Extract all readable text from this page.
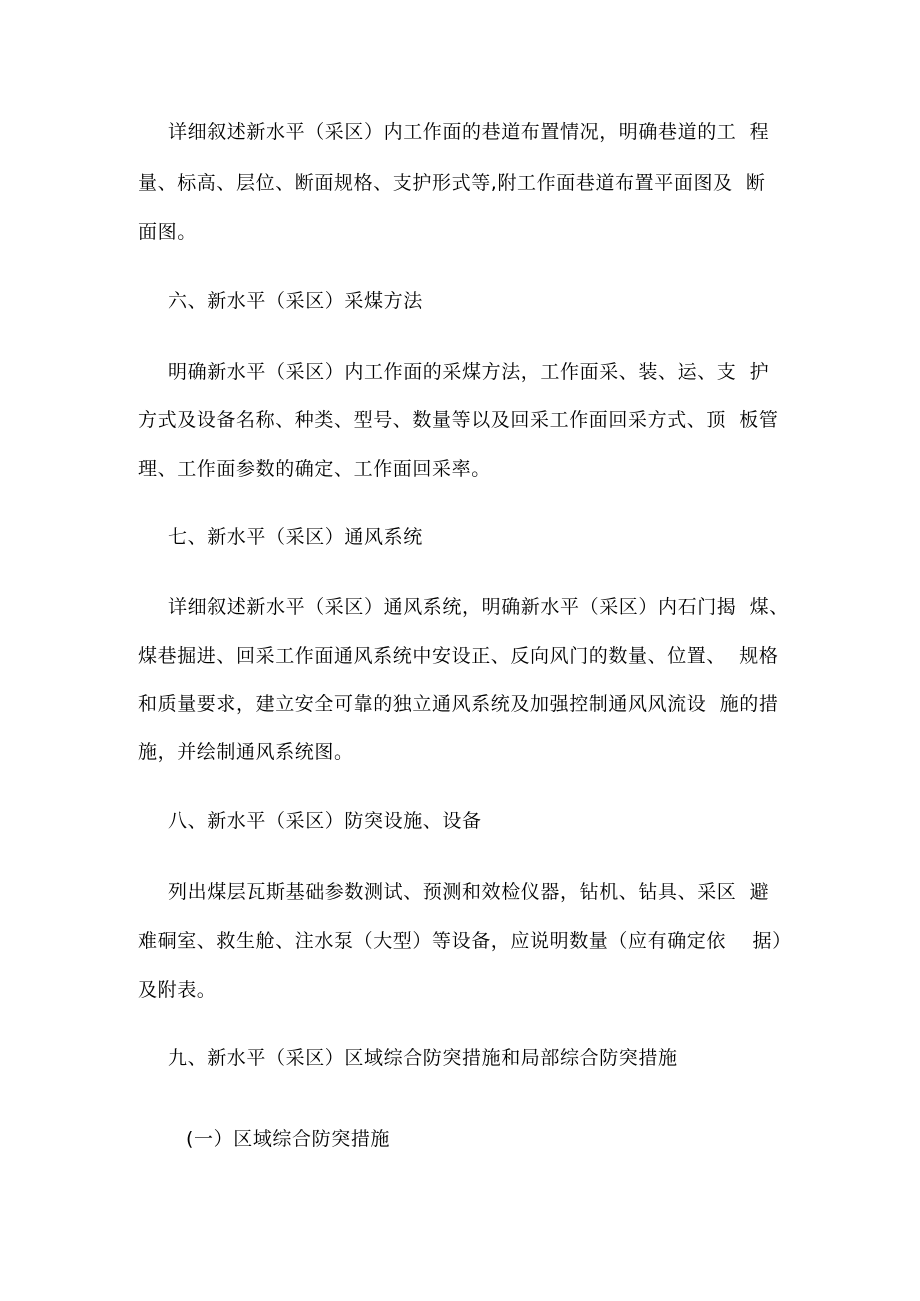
详细叙述新水平（采区）内工作面的巷道布置情况，明确巷道的工  程
量、标高、层位、断面规格、支护形式等,附工作面巷道布置平面图及  断
面图。
六、新水平（采区）采煤方法
明确新水平（采区）内工作面的采煤方法，工作面采、装、运、支  护
方式及设备名称、种类、型号、数量等以及回采工作面回采方式、顶  板管
理、工作面参数的确定、工作面回采率。
七、新水平（采区）通风系统
详细叙述新水平（采区）通风系统，明确新水平（采区）内石门揭  煤、
煤巷掘进、回采工作面通风系统中安设正、反向风门的数量、位置、  规格
和质量要求，建立安全可靠的独立通风系统及加强控制通风风流设  施的措
施，并绘制通风系统图。
八、新水平（采区）防突设施、设备
列出煤层瓦斯基础参数测试、预测和效检仪器，钻机、钻具、采区  避
难硐室、救生舱、注水泵（大型）等设备，应说明数量（应有确定依    据）
及附表。
九、新水平（采区）区域综合防突措施和局部综合防突措施
(一）区域综合防突措施
